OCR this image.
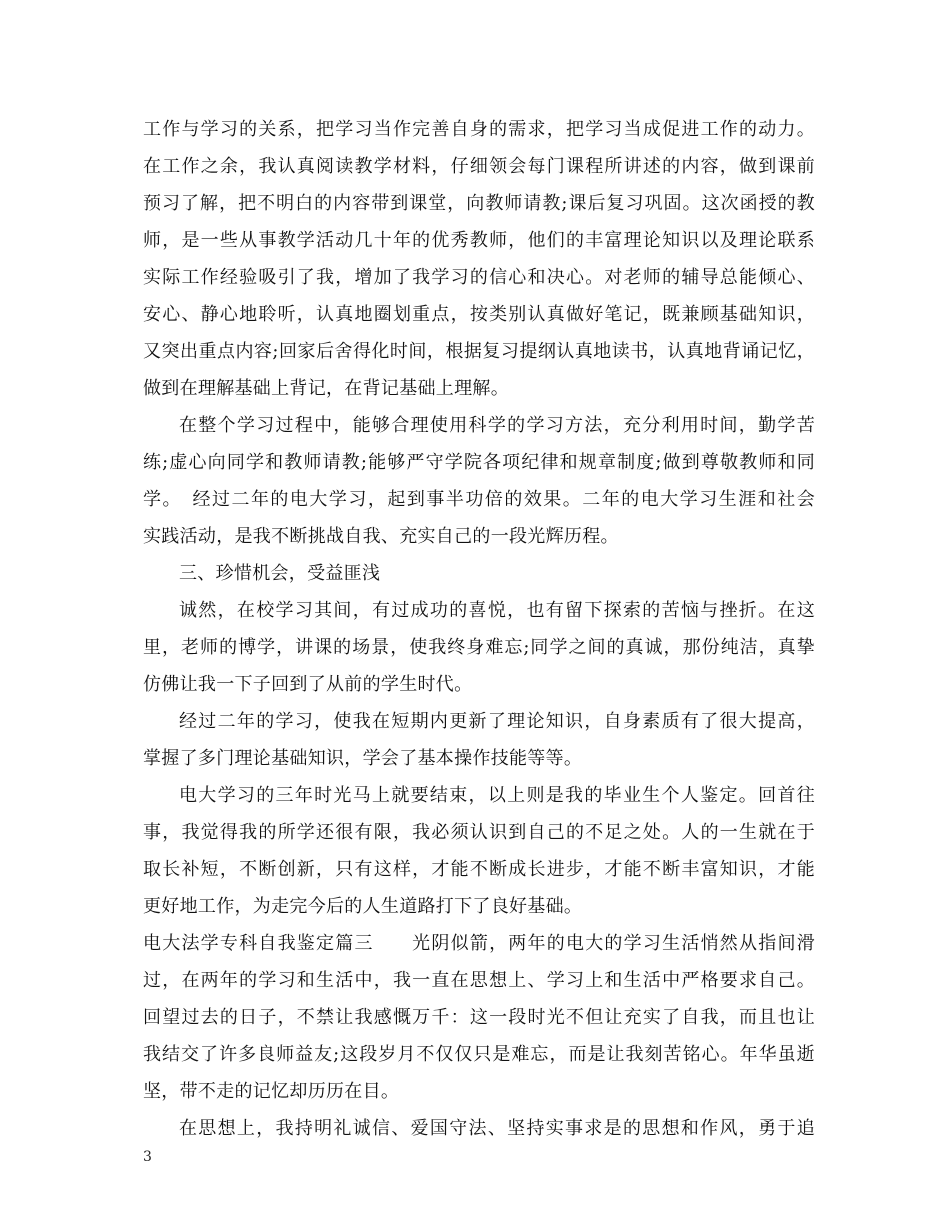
工作与学习的关系，把学习当作完善自身的需求，把学习当成促进工作的动力。
在工作之余，我认真阅读教学材料，仔细领会每门课程所讲述的内容，做到课前
预习了解，把不明白的内容带到课堂，向教师请教;课后复习巩固。这次函授的教
师，是一些从事教学活动几十年的优秀教师，他们的丰富理论知识以及理论联系
实际工作经验吸引了我，增加了我学习的信心和决心。对老师的辅导总能倾心、
安心、静心地聆听，认真地圈划重点，按类别认真做好笔记，既兼顾基础知识，
又突出重点内容;回家后舍得化时间，根据复习提纲认真地读书，认真地背诵记忆，
做到在理解基础上背记，在背记基础上理解。
在整个学习过程中，能够合理使用科学的学习方法，充分利用时间，勤学苦
练;虚心向同学和教师请教;能够严守学院各项纪律和规章制度;做到尊敬教师和同
学。　经过二年的电大学习，起到事半功倍的效果。二年的电大学习生涯和社会
实践活动，是我不断挑战自我、充实自己的一段光辉历程。
三、珍惜机会，受益匪浅
诚然，在校学习其间，有过成功的喜悦，也有留下探索的苦恼与挫折。在这
里，老师的博学，讲课的场景，使我终身难忘;同学之间的真诚，那份纯洁，真挚
仿佛让我一下子回到了从前的学生时代。
经过二年的学习，使我在短期内更新了理论知识，自身素质有了很大提高，
掌握了多门理论基础知识，学会了基本操作技能等等。
电大学习的三年时光马上就要结束，以上则是我的毕业生个人鉴定。回首往
事，我觉得我的所学还很有限，我必须认识到自己的不足之处。人的一生就在于
取长补短，不断创新，只有这样，才能不断成长进步，才能不断丰富知识，才能
更好地工作，为走完今后的人生道路打下了良好基础。
电大法学专科自我鉴定篇三　　光阴似箭，两年的电大的学习生活悄然从指间滑
过，在两年的学习和生活中，我一直在思想上、学习上和生活中严格要求自己。
回望过去的日子，不禁让我感慨万千：这一段时光不但让充实了自我，而且也让
我结交了许多良师益友;这段岁月不仅仅只是难忘，而是让我刻苦铭心。年华虽逝
坚，带不走的记忆却历历在目。
在思想上，我持明礼诚信、爱国守法、坚持实事求是的思想和作风，勇于追
3
